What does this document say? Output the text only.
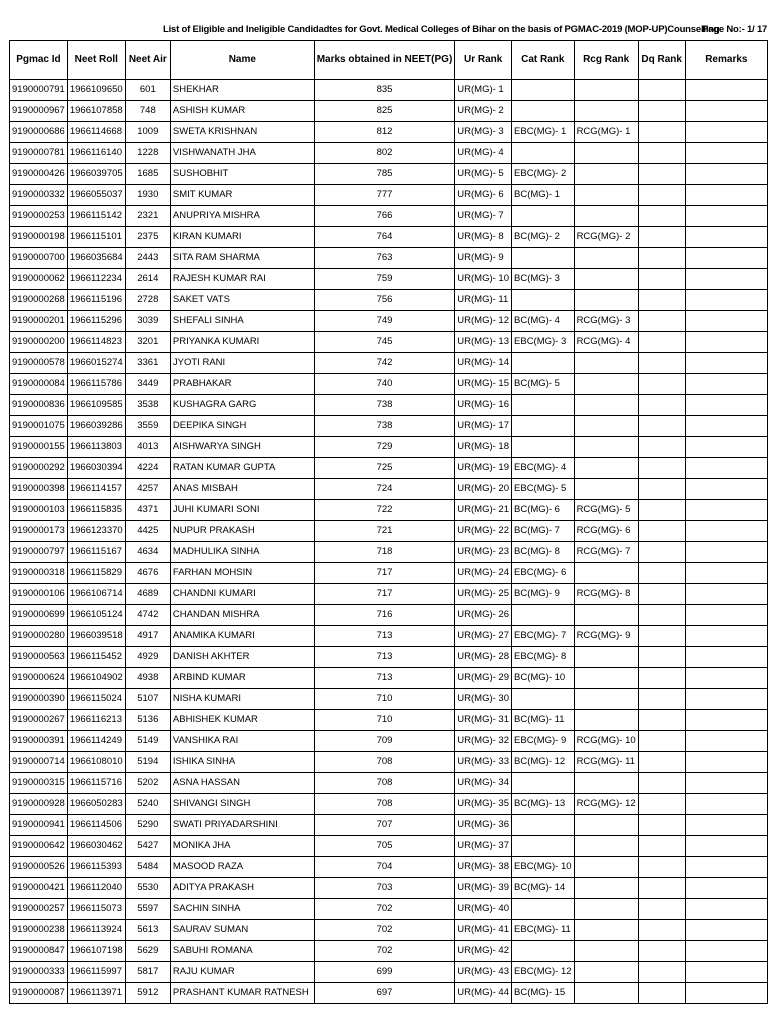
List of Eligible and Ineligible Candidadtes for Govt. Medical Colleges of Bihar on the basis of PGMAC-2019 (MOP-UP)Counselling
Page No:- 1/ 17
Pgmac Id	Neet Roll	Neet Air	Name	Marks obtained in NEET(PG)	Ur Rank	Cat Rank	Rcg Rank	Dq Rank	Remarks
9190000791	1966109650	601	SHEKHAR	835	UR(MG)- 1				
9190000967	1966107858	748	ASHISH KUMAR	825	UR(MG)- 2				
9190000686	1966114668	1009	SWETA KRISHNAN	812	UR(MG)- 3	EBC(MG)- 1	RCG(MG)- 1		
9190000781	1966116140	1228	VISHWANATH JHA	802	UR(MG)- 4				
9190000426	1966039705	1685	SUSHOBHIT	785	UR(MG)- 5	EBC(MG)- 2			
9190000332	1966055037	1930	SMIT KUMAR	777	UR(MG)- 6	BC(MG)- 1			
9190000253	1966115142	2321	ANUPRIYA MISHRA	766	UR(MG)- 7				
9190000198	1966115101	2375	KIRAN KUMARI	764	UR(MG)- 8	BC(MG)- 2	RCG(MG)- 2		
9190000700	1966035684	2443	SITA RAM SHARMA	763	UR(MG)- 9				
9190000062	1966112234	2614	RAJESH KUMAR RAI	759	UR(MG)- 10	BC(MG)- 3			
9190000268	1966115196	2728	SAKET VATS	756	UR(MG)- 11				
9190000201	1966115296	3039	SHEFALI SINHA	749	UR(MG)- 12	BC(MG)- 4	RCG(MG)- 3		
9190000200	1966114823	3201	PRIYANKA KUMARI	745	UR(MG)- 13	EBC(MG)- 3	RCG(MG)- 4		
9190000578	1966015274	3361	JYOTI RANI	742	UR(MG)- 14				
9190000084	1966115786	3449	PRABHAKAR	740	UR(MG)- 15	BC(MG)- 5			
9190000836	1966109585	3538	KUSHAGRA GARG	738	UR(MG)- 16				
9190001075	1966039286	3559	DEEPIKA SINGH	738	UR(MG)- 17				
9190000155	1966113803	4013	AISHWARYA SINGH	729	UR(MG)- 18				
9190000292	1966030394	4224	RATAN KUMAR GUPTA	725	UR(MG)- 19	EBC(MG)- 4			
9190000398	1966114157	4257	ANAS MISBAH	724	UR(MG)- 20	EBC(MG)- 5			
9190000103	1966115835	4371	JUHI KUMARI SONI	722	UR(MG)- 21	BC(MG)- 6	RCG(MG)- 5		
9190000173	1966123370	4425	NUPUR PRAKASH	721	UR(MG)- 22	BC(MG)- 7	RCG(MG)- 6		
9190000797	1966115167	4634	MADHULIKA SINHA	718	UR(MG)- 23	BC(MG)- 8	RCG(MG)- 7		
9190000318	1966115829	4676	FARHAN MOHSIN	717	UR(MG)- 24	EBC(MG)- 6			
9190000106	1966106714	4689	CHANDNI KUMARI	717	UR(MG)- 25	BC(MG)- 9	RCG(MG)- 8		
9190000699	1966105124	4742	CHANDAN MISHRA	716	UR(MG)- 26				
9190000280	1966039518	4917	ANAMIKA KUMARI	713	UR(MG)- 27	EBC(MG)- 7	RCG(MG)- 9		
9190000563	1966115452	4929	DANISH AKHTER	713	UR(MG)- 28	EBC(MG)- 8			
9190000624	1966104902	4938	ARBIND KUMAR	713	UR(MG)- 29	BC(MG)- 10			
9190000390	1966115024	5107	NISHA KUMARI	710	UR(MG)- 30				
9190000267	1966116213	5136	ABHISHEK KUMAR	710	UR(MG)- 31	BC(MG)- 11			
9190000391	1966114249	5149	VANSHIKA RAI	709	UR(MG)- 32	EBC(MG)- 9	RCG(MG)- 10		
9190000714	1966108010	5194	ISHIKA SINHA	708	UR(MG)- 33	BC(MG)- 12	RCG(MG)- 11		
9190000315	1966115716	5202	ASNA HASSAN	708	UR(MG)- 34				
9190000928	1966050283	5240	SHIVANGI SINGH	708	UR(MG)- 35	BC(MG)- 13	RCG(MG)- 12		
9190000941	1966114506	5290	SWATI PRIYADARSHINI	707	UR(MG)- 36				
9190000642	1966030462	5427	MONIKA JHA	705	UR(MG)- 37				
9190000526	1966115393	5484	MASOOD RAZA	704	UR(MG)- 38	EBC(MG)- 10			
9190000421	1966112040	5530	ADITYA PRAKASH	703	UR(MG)- 39	BC(MG)- 14			
9190000257	1966115073	5597	SACHIN SINHA	702	UR(MG)- 40				
9190000238	1966113924	5613	SAURAV SUMAN	702	UR(MG)- 41	EBC(MG)- 11			
9190000847	1966107198	5629	SABUHI ROMANA	702	UR(MG)- 42				
9190000333	1966115997	5817	RAJU KUMAR	699	UR(MG)- 43	EBC(MG)- 12			
9190000087	1966113971	5912	PRASHANT KUMAR RATNESH	697	UR(MG)- 44	BC(MG)- 15			
